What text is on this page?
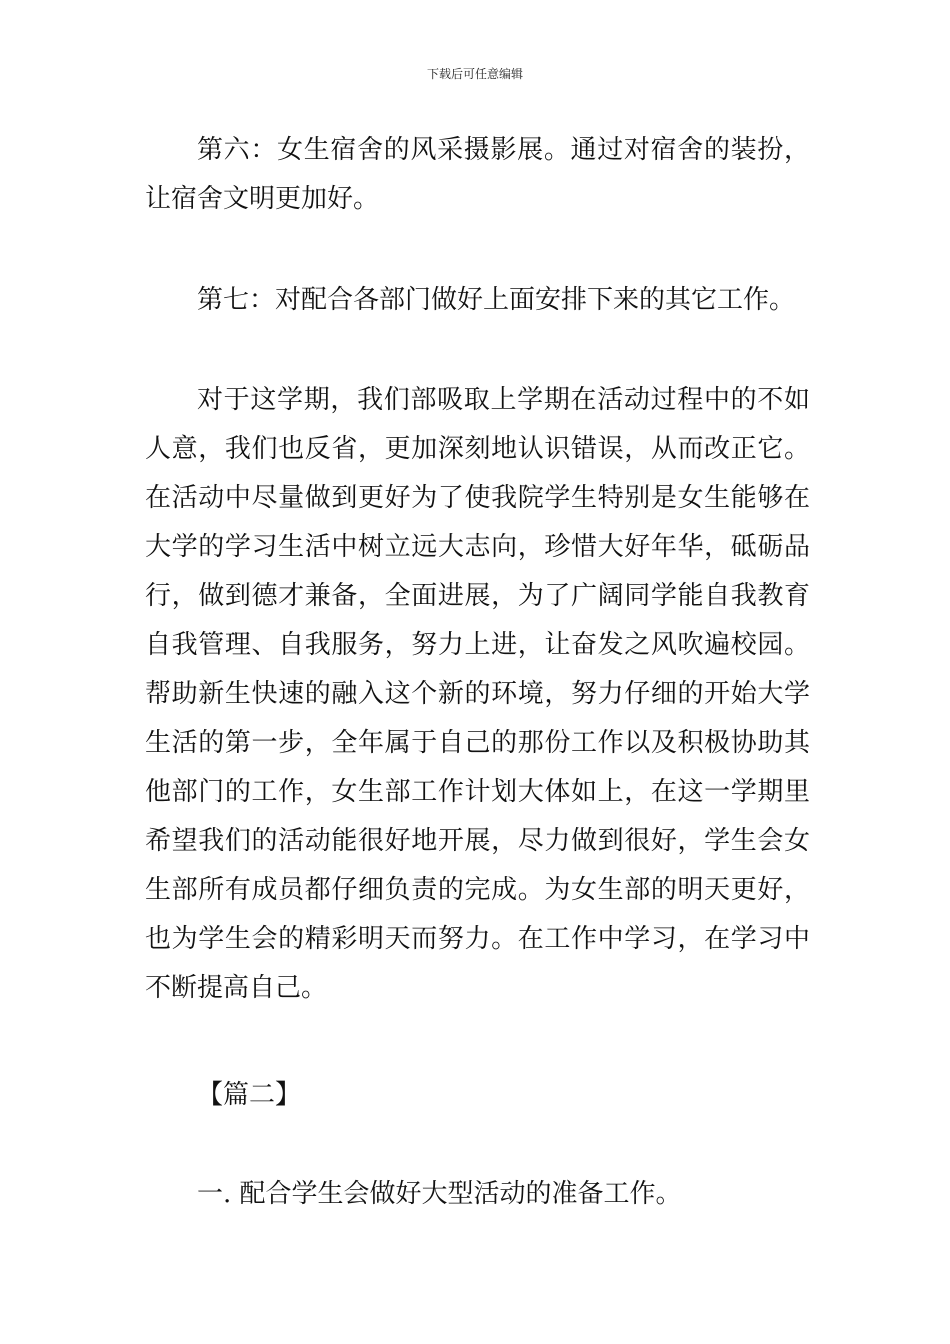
下载后可任意编辑

第六：女生宿舍的风采摄影展。通过对宿舍的装扮，让宿舍文明更加好。

第七：对配合各部门做好上面安排下来的其它工作。

对于这学期，我们部吸取上学期在活动过程中的不如人意，我们也反省，更加深刻地认识错误，从而改正它。在活动中尽量做到更好为了使我院学生特别是女生能够在大学的学习生活中树立远大志向，珍惜大好年华，砥砺品行，做到德才兼备，全面进展，为了广阔同学能自我教育自我管理、自我服务，努力上进，让奋发之风吹遍校园。帮助新生快速的融入这个新的环境，努力仔细的开始大学生活的第一步，全年属于自己的那份工作以及积极协助其他部门的工作，女生部工作计划大体如上，在这一学期里希望我们的活动能很好地开展，尽力做到很好，学生会女生部所有成员都仔细负责的完成。为女生部的明天更好，也为学生会的精彩明天而努力。在工作中学习，在学习中不断提高自己。

【篇二】

一. 配合学生会做好大型活动的准备工作。
